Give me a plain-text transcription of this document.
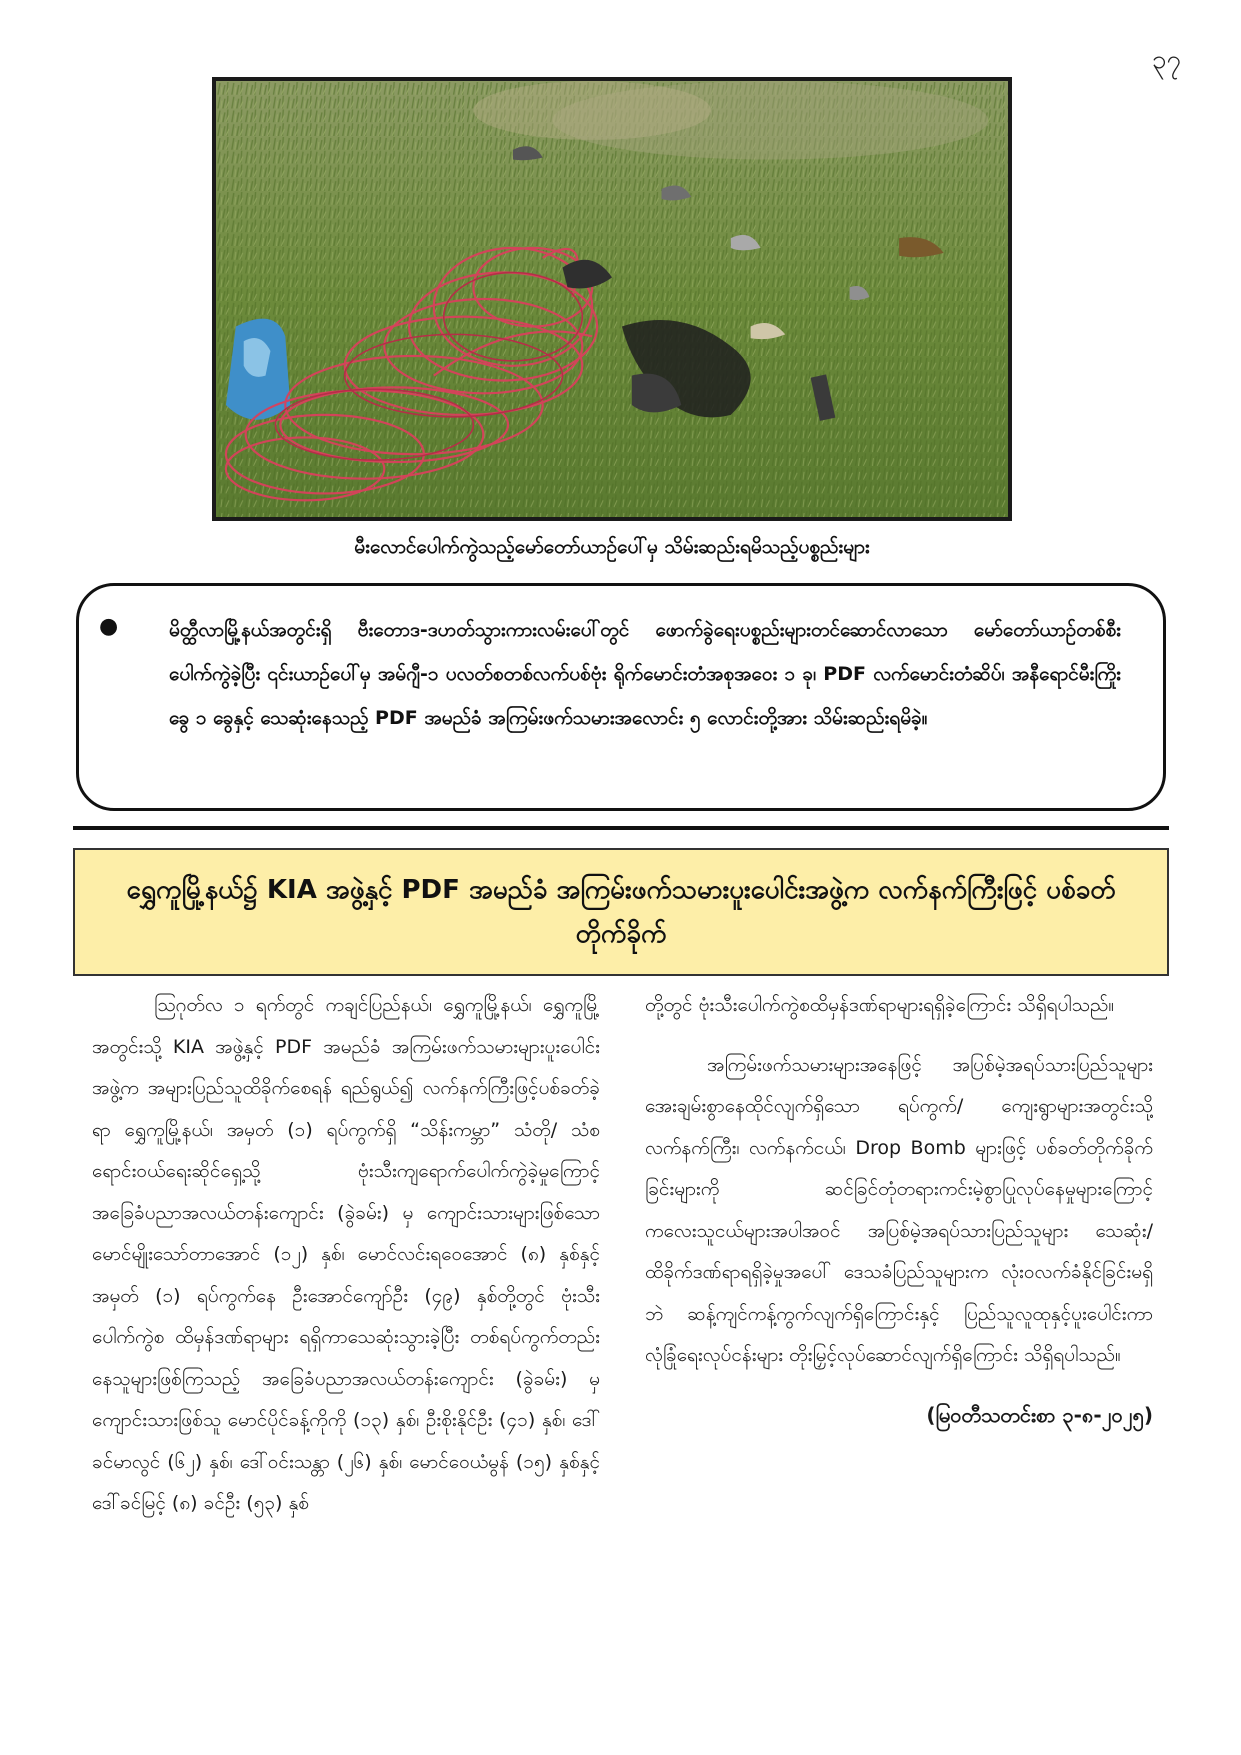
၃၇
မီးလောင်ပေါက်ကွဲသည့်မော်တော်ယာဉ်ပေါ်မှ သိမ်းဆည်းရမိသည့်ပစ္စည်းများ
●	မိတ္ထီလာမြို့နယ်အတွင်းရှိ ဗီးတောဒ-ဒဟတ်သွားကားလမ်းပေါ်တွင် ဖောက်ခွဲရေးပစ္စည်းများတင်ဆောင်လာသော မော်တော်ယာဉ်တစ်စီးပေါက်ကွဲခဲ့ပြီး ၎င်းယာဉ်ပေါ်မှ အမ်ဂျီ-၁ ပလတ်စတစ်လက်ပစ်ဗုံး ရိုက်မောင်းတံအစုအဝေး ၁ ခု၊ PDF လက်မောင်းတံဆိပ်၊ အနီရောင်မီးကြိုးခွေ ၁ ခွေနှင့် သေဆုံးနေသည့် PDF အမည်ခံ အကြမ်းဖက်သမားအလောင်း ၅ လောင်းတို့အား သိမ်းဆည်းရမိခဲ့။

ရွှေကူမြို့နယ်၌ KIA အဖွဲ့နှင့် PDF အမည်ခံ အကြမ်းဖက်သမားပူးပေါင်းအဖွဲ့က လက်နက်ကြီးဖြင့် ပစ်ခတ်တိုက်ခိုက်

ဩဂုတ်လ ၁ ရက်တွင် ကချင်ပြည်နယ်၊ ရွှေကူမြို့နယ်၊ ရွှေကူမြို့အတွင်းသို့ KIA အဖွဲ့နှင့် PDF အမည်ခံ အကြမ်းဖက်သမားများပူးပေါင်းအဖွဲ့က အများပြည်သူထိခိုက်စေရန် ရည်ရွယ်၍ လက်နက်ကြီးဖြင့်ပစ်ခတ်ခဲ့ရာ ရွှေကူမြို့နယ်၊ အမှတ် (၁) ရပ်ကွက်ရှိ “သိန်းကမ္ဘာ” သံတို/ သံစရောင်းဝယ်ရေးဆိုင်ရှေ့သို့ ဗုံးသီးကျရောက်ပေါက်ကွဲခဲ့မှုကြောင့် အခြေခံပညာအလယ်တန်းကျောင်း (ခွဲခမ်း) မှ ကျောင်းသားများဖြစ်သော မောင်မျိုးသော်တာအောင် (၁၂) နှစ်၊ မောင်လင်းရဝေအောင် (၈) နှစ်နှင့် အမှတ် (၁) ရပ်ကွက်နေ ဦးအောင်ကျော်ဦး (၄၉) နှစ်တို့တွင် ဗုံးသီးပေါက်ကွဲစ ထိမှန်ဒဏ်ရာများ ရရှိကာသေဆုံးသွားခဲ့ပြီး တစ်ရပ်ကွက်တည်းနေသူများဖြစ်ကြသည့် အခြေခံပညာအလယ်တန်းကျောင်း (ခွဲခမ်း) မှ ကျောင်းသားဖြစ်သူ မောင်ပိုင်ခန့်ကိုကို (၁၃) နှစ်၊ ဦးစိုးနိုင်ဦး (၄၁) နှစ်၊ ဒေါ်ခင်မာလွင် (၆၂) နှစ်၊ ဒေါ်ဝင်းသန္တာ (၂၆) နှစ်၊ မောင်ဝေယံမွန် (၁၅) နှစ်နှင့် ဒေါ်ခင်မြင့် (၈) ခင်ဦး (၅၃) နှစ်

တို့တွင် ဗုံးသီးပေါက်ကွဲစထိမှန်ဒဏ်ရာများရရှိခဲ့ကြောင်း သိရှိရပါသည်။

အကြမ်းဖက်သမားများအနေဖြင့် အပြစ်မဲ့အရပ်သားပြည်သူများ အေးချမ်းစွာနေထိုင်လျက်ရှိသော ရပ်ကွက်/ ကျေးရွာများအတွင်းသို့ လက်နက်ကြီး၊ လက်နက်ငယ်၊ Drop Bomb များဖြင့် ပစ်ခတ်တိုက်ခိုက်ခြင်းများကို ဆင်ခြင်တုံတရားကင်းမဲ့စွာပြုလုပ်နေမှုများကြောင့် ကလေးသူငယ်များအပါအဝင် အပြစ်မဲ့အရပ်သားပြည်သူများ သေဆုံး/ ထိခိုက်ဒဏ်ရာရရှိခဲ့မှုအပေါ် ဒေသခံပြည်သူများက လုံးဝလက်ခံနိုင်ခြင်းမရှိဘဲ ဆန့်ကျင်ကန့်ကွက်လျက်ရှိကြောင်းနှင့် ပြည်သူလူထုနှင့်ပူးပေါင်းကာ လုံခြုံရေးလုပ်ငန်းများ တိုးမြှင့်လုပ်ဆောင်လျက်ရှိကြောင်း သိရှိရပါသည်။

(မြဝတီသတင်းစာ ၃-၈-၂၀၂၅)
